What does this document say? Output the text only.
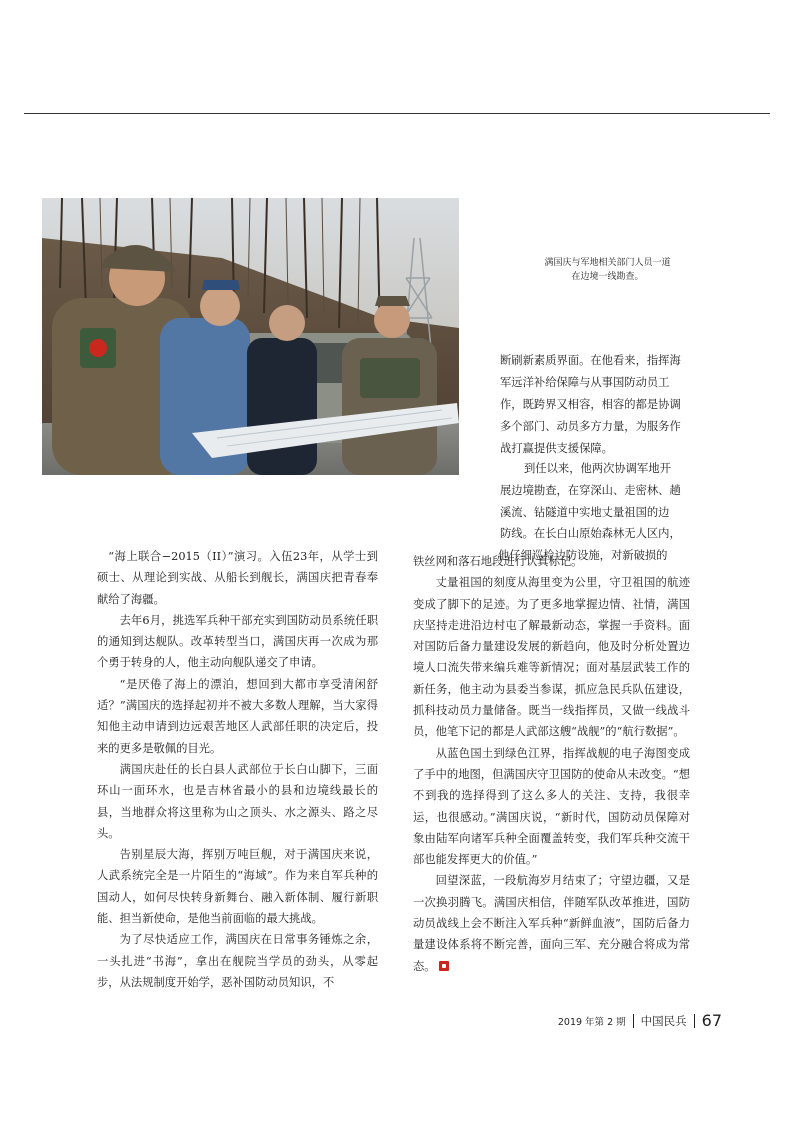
满国庆与军地相关部门人员一道
在边境一线勘查。
断刷新素质界面。在他看来，指挥海
军远洋补给保障与从事国防动员工
作，既跨界又相容，相容的都是协调
多个部门、动员多方力量，为服务作
战打赢提供支援保障。
到任以来，他两次协调军地开
展边境勘查，在穿深山、走密林、趟
溪流、钻隧道中实地丈量祖国的边
防线。在长白山原始森林无人区内，
他仔细巡检边防设施，对新破损的

“海上联合−2015（II）”演习。入伍23年，从学士到硕士、从理论到实战、从船长到舰长，满国庆把青春奉献给了海疆。

去年6月，挑选军兵种干部充实到国防动员系统任职的通知到达舰队。改革转型当口，满国庆再一次成为那个勇于转身的人，他主动向舰队递交了申请。

“是厌倦了海上的漂泊，想回到大都市享受清闲舒适？”满国庆的选择起初并不被大多数人理解，当大家得知他主动申请到边远艰苦地区人武部任职的决定后，投来的更多是敬佩的目光。

满国庆赴任的长白县人武部位于长白山脚下，三面环山一面环水，也是吉林省最小的县和边境线最长的县，当地群众将这里称为山之顶头、水之源头、路之尽头。

告别星辰大海，挥别万吨巨舰，对于满国庆来说，人武系统完全是一片陌生的“海域”。作为来自军兵种的国动人，如何尽快转身新舞台、融入新体制、履行新职能、担当新使命，是他当前面临的最大挑战。

为了尽快适应工作，满国庆在日常事务锤炼之余，一头扎进“书海”，拿出在舰院当学员的劲头，从零起步，从法规制度开始学，恶补国防动员知识，不

铁丝网和落石地段进行认真标记。

丈量祖国的刻度从海里变为公里，守卫祖国的航迹变成了脚下的足迹。为了更多地掌握边情、社情，满国庆坚持走进沿边村屯了解最新动态，掌握一手资料。面对国防后备力量建设发展的新趋向，他及时分析处置边境人口流失带来编兵难等新情况；面对基层武装工作的新任务，他主动为县委当参谋，抓应急民兵队伍建设，抓科技动员力量储备。既当一线指挥员，又做一线战斗员，他笔下记的都是人武部这艘“战舰”的“航行数据”。

从蓝色国土到绿色江界，指挥战舰的电子海图变成了手中的地图，但满国庆守卫国防的使命从未改变。“想不到我的选择得到了这么多人的关注、支持，我很幸运，也很感动。”满国庆说，“新时代，国防动员保障对象由陆军向诸军兵种全面覆盖转变，我们军兵种交流干部也能发挥更大的价值。”

回望深蓝，一段航海岁月结束了；守望边疆，又是一次换羽腾飞。满国庆相信，伴随军队改革推进，国防动员战线上会不断注入军兵种“新鲜血液”，国防后备力量建设体系将不断完善，面向三军、充分融合将成为常态。

2019 年第 2 期 中国民兵 67
